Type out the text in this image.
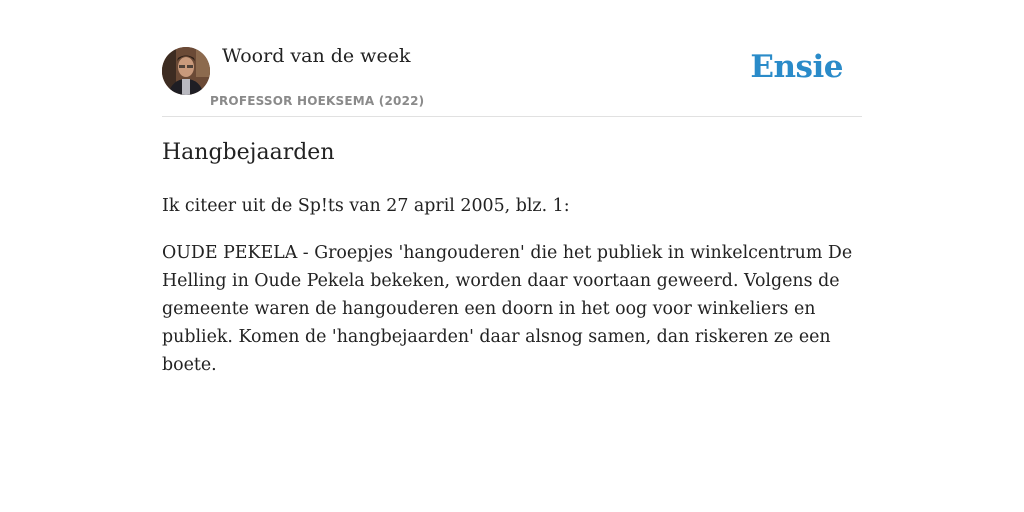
Woord van de week
PROFESSOR HOEKSEMA (2022)
Ensie
Hangbejaarden

Ik citeer uit de Sp!ts van 27 april 2005, blz. 1:

OUDE PEKELA - Groepjes 'hangouderen' die het publiek in winkelcentrum De Helling in Oude Pekela bekeken, worden daar voortaan geweerd. Volgens de gemeente waren de hangouderen een doorn in het oog voor winkeliers en publiek. Komen de 'hangbejaarden' daar alsnog samen, dan riskeren ze een boete.
